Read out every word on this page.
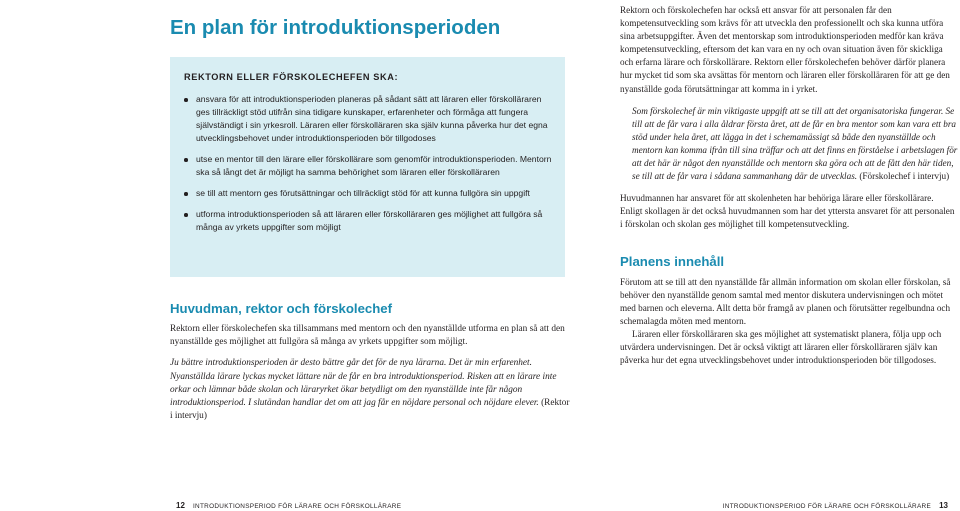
En plan för introduktionsperioden
REKTORN ELLER FÖRSKOLECHEFEN SKA:
ansvara för att introduktionsperioden planeras på sådant sätt att läraren eller förskolläraren ges tillräckligt stöd utifrån sina tidigare kunskaper, erfarenheter och förmåga att fungera självständigt i sin yrkesroll. Läraren eller förskolläraren ska själv kunna påverka hur det egna utvecklingsbehovet under introduktionsperioden bör tillgodoses
utse en mentor till den lärare eller förskollärare som genomför introduktionsperioden. Mentorn ska så långt det är möjligt ha samma behörighet som läraren eller förskolläraren
se till att mentorn ges förutsättningar och tillräckligt stöd för att kunna fullgöra sin uppgift
utforma introduktionsperioden så att läraren eller förskolläraren ges möjlighet att fullgöra så många av yrkets uppgifter som möjligt
Huvudman, rektor och förskolechef

Rektorn eller förskolechefen ska tillsammans med mentorn och den nyanställde utforma en plan så att den nyanställde ges möjlighet att fullgöra så många av yrkets uppgifter som möjligt.

Ju bättre introduktionsperioden är desto bättre går det för de nya lärarna. Det är min erfarenhet. Nyanställda lärare lyckas mycket lättare när de får en bra introduktionsperiod. Risken att en lärare inte orkar och lämnar både skolan och läraryrket ökar betydligt om den nyanställde inte får någon introduktionsperiod. I slutändan handlar det om att jag får en nöjdare personal och nöjdare elever. (Rektor i intervju)

12 INTRODUKTIONSPERIOD FÖR LÄRARE OCH FÖRSKOLLÄRARE

Rektorn och förskolechefen har också ett ansvar för att personalen får den kompetensutveckling som krävs för att utveckla den professionellt och ska kunna utföra sina arbetsuppgifter. Även det mentorskap som introduktionsperioden medför kan kräva kompetensutveckling, eftersom det kan vara en ny och ovan situation även för skickliga och erfarna lärare och förskollärare. Rektorn eller förskolechefen behöver därför planera hur mycket tid som ska avsättas för mentorn och läraren eller förskolläraren för att ge den nyanställde goda förutsättningar att komma in i yrket.

Som förskolechef är min viktigaste uppgift att se till att det organisatoriska fungerar. Se till att de får vara i alla åldrar första året, att de får en bra mentor som kan vara ett bra stöd under hela året, att lägga in det i schemamässigt så både den nyanställde och mentorn kan komma ifrån till sina träffar och att det finns en förståelse i arbetslagen för att det här är något den nyanställde och mentorn ska göra och att de fått den här tiden, se till att de får vara i sådana sammanhang där de utvecklas. (Förskolechef i intervju)

Huvudmannen har ansvaret för att skolenheten har behöriga lärare eller förskollärare. Enligt skollagen är det också huvudmannen som har det yttersta ansvaret för att personalen i förskolan och skolan ges möjlighet till kompetensutveckling.

Planens innehåll

Förutom att se till att den nyanställde får allmän information om skolan eller förskolan, så behöver den nyanställde genom samtal med mentor diskutera undervisningen och mötet med barnen och eleverna. Allt detta bör framgå av planen och förutsätter regelbundna och schemalagda möten med mentorn.

Läraren eller förskolläraren ska ges möjlighet att systematiskt planera, följa upp och utvärdera undervisningen. Det är också viktigt att läraren eller förskolläraren själv kan påverka hur det egna utvecklingsbehovet under introduktionsperioden bör tillgodoses.

INTRODUKTIONSPERIOD FÖR LÄRARE OCH FÖRSKOLLÄRARE 13
